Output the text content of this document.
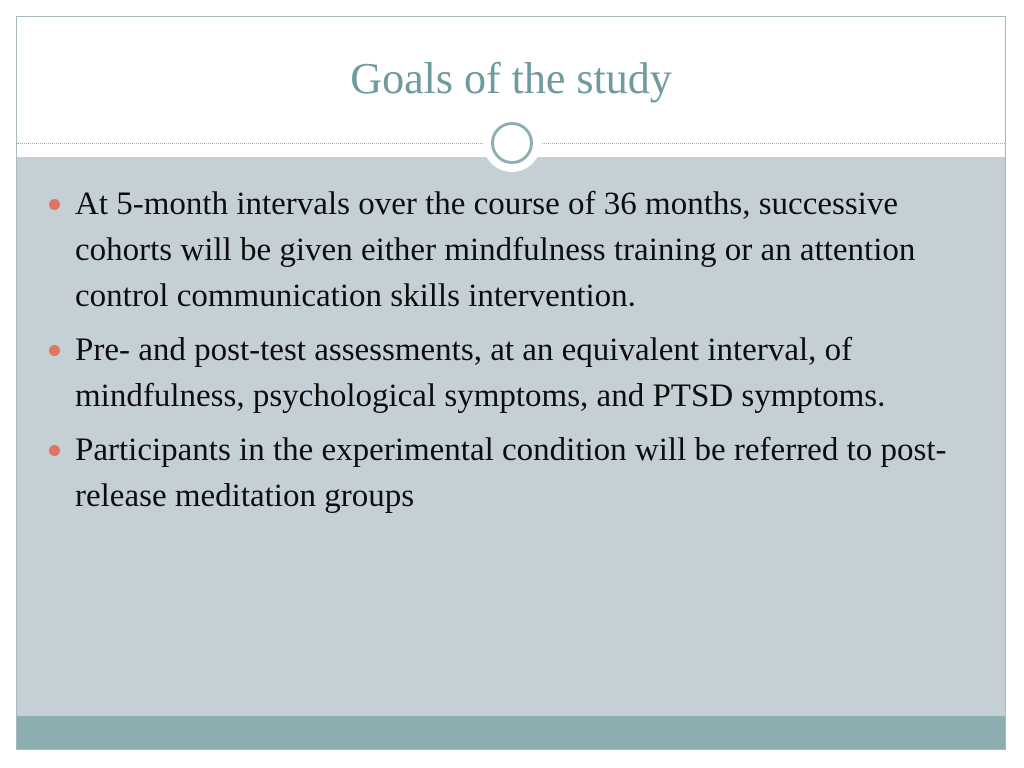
Goals of the study
At 5-month intervals over the course of 36 months, successive cohorts will be given either mindfulness training or an attention control communication skills intervention.
Pre- and post-test assessments, at an equivalent interval, of mindfulness, psychological symptoms, and PTSD symptoms.
Participants in the experimental condition will be referred to post-release meditation groups
